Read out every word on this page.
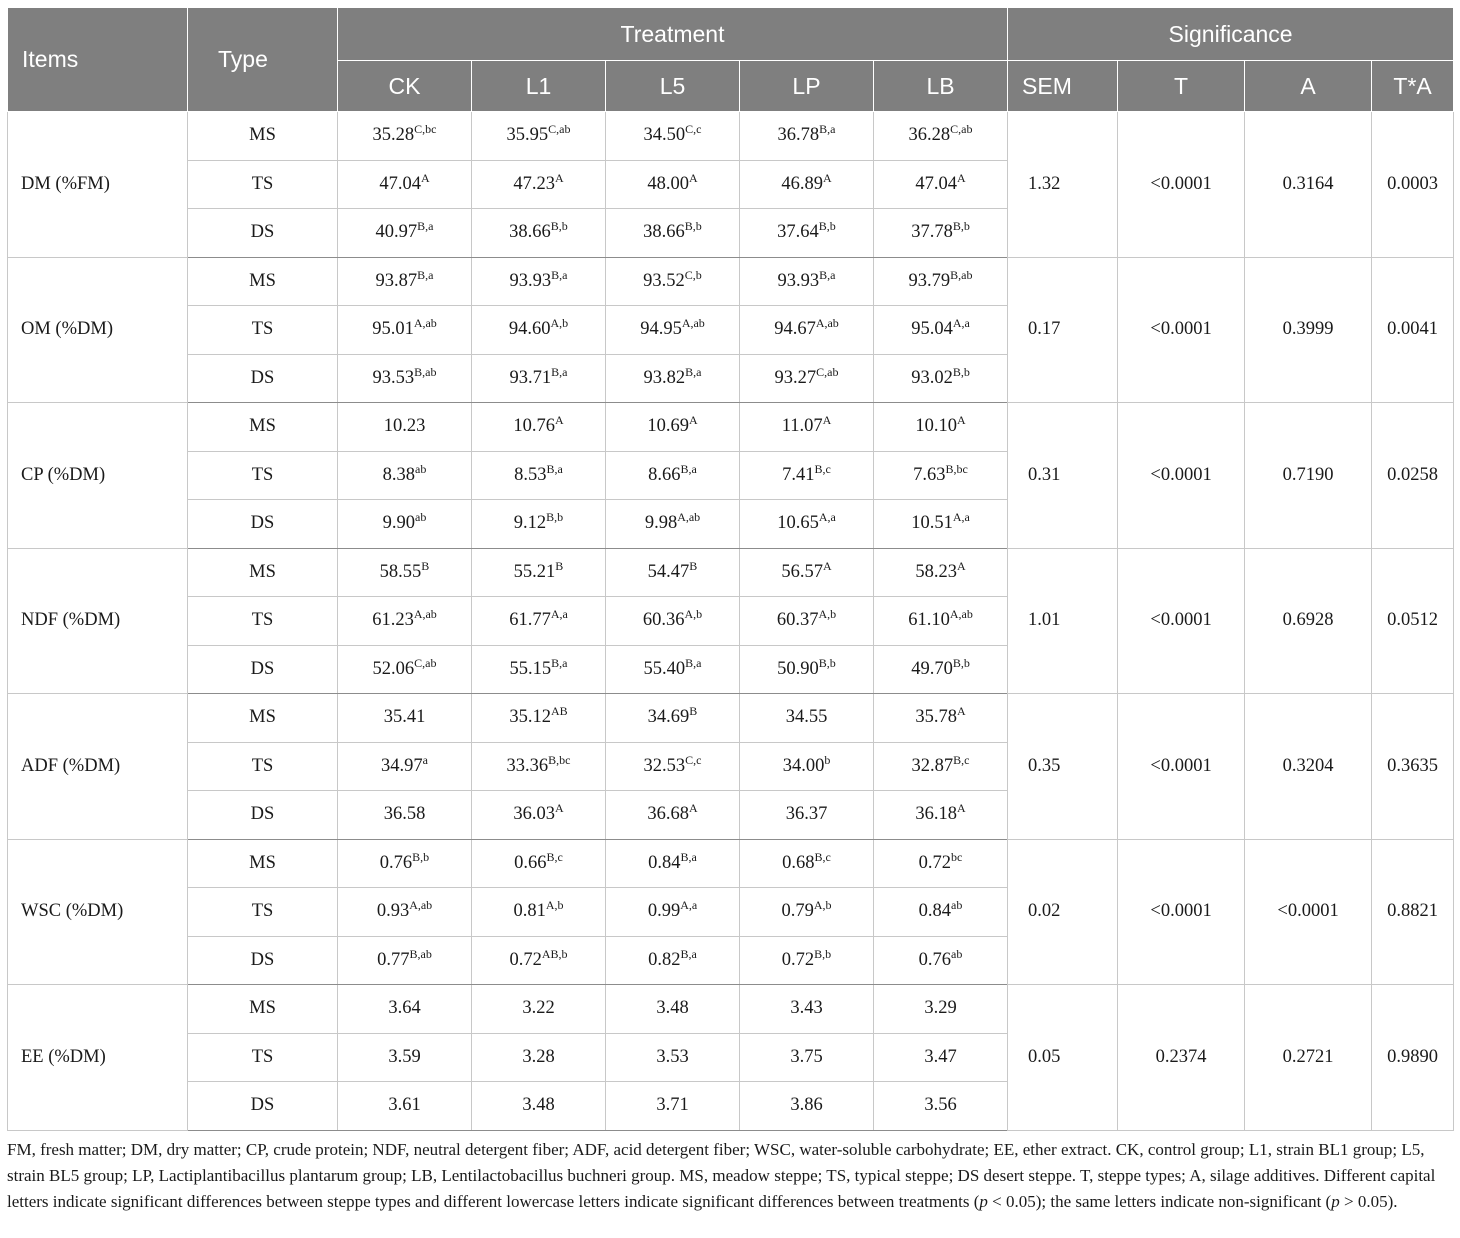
Items	Type	Treatment					Significance			
		CK	L1	L5	LP	LB	SEM	T	A	T*A
DM (%FM)	MS	$35.28^{C,bc}$	$35.95^{C,ab}$	$34.50^{C,c}$	$36.78^{B,a}$	$36.28^{C,ab}$	1.32	<0.0001	0.3164	0.0003
	TS	$47.04^A$	$47.23^A$	$48.00^A$	$46.89^A$	$47.04^A$
	DS	$40.97^{B,a}$	$38.66^{B,b}$	$38.66^{B,b}$	$37.64^{B,b}$	$37.78^{B,b}$
OM (%DM)	MS	$93.87^{B,a}$	$93.93^{B,a}$	$93.52^{C,b}$	$93.93^{B,a}$	$93.79^{B,ab}$	0.17	<0.0001	0.3999	0.0041
	TS	$95.01^{A,ab}$	$94.60^{A,b}$	$94.95^{A,ab}$	$94.67^{A,ab}$	$95.04^{A,a}$
	DS	$93.53^{B,ab}$	$93.71^{B,a}$	$93.82^{B,a}$	$93.27^{C,ab}$	$93.02^{B,b}$
CP (%DM)	MS	10.23	$10.76^A$	$10.69^A$	$11.07^A$	$10.10^A$	0.31	<0.0001	0.7190	0.0258
	TS	8.38$^{ab}$	$8.53^{B,a}$	$8.66^{B,a}$	$7.41^{B,c}$	$7.63^{B,bc}$
	DS	9.90$^{ab}$	$9.12^{B,b}$	$9.98^{A,ab}$	$10.65^{A,a}$	$10.51^{A,a}$
NDF (%DM)	MS	$58.55^B$	$55.21^B$	$54.47^B$	$56.57^A$	$58.23^A$	1.01	<0.0001	0.6928	0.0512
	TS	$61.23^{A,ab}$	$61.77^{A,a}$	$60.36^{A,b}$	$60.37^{A,b}$	$61.10^{A,ab}$
	DS	$52.06^{C,ab}$	$55.15^{B,a}$	$55.40^{B,a}$	$50.90^{B,b}$	$49.70^{B,b}$
ADF (%DM)	MS	35.41	$35.12^{AB}$	$34.69^B$	34.55	$35.78^A$	0.35	<0.0001	0.3204	0.3635
	TS	34.97$^a$	$33.36^{B,bc}$	$32.53^{C,c}$	34.00$^b$	$32.87^{B,c}$
	DS	36.58	$36.03^A$	$36.68^A$	36.37	$36.18^A$
WSC (%DM)	MS	$0.76^{B,b}$	$0.66^{B,c}$	$0.84^{B,a}$	$0.68^{B,c}$	0.72$^{bc}$	0.02	<0.0001	<0.0001	0.8821
	TS	$0.93^{A,ab}$	$0.81^{A,b}$	$0.99^{A,a}$	$0.79^{A,b}$	0.84$^{ab}$
	DS	$0.77^{B,ab}$	$0.72^{AB,b}$	$0.82^{B,a}$	$0.72^{B,b}$	0.76$^{ab}$
EE (%DM)	MS	3.64	3.22	3.48	3.43	3.29	0.05	0.2374	0.2721	0.9890
	TS	3.59	3.28	3.53	3.75	3.47				
	DS	3.61	3.48	3.71	3.86	3.56				
FM, fresh matter; DM, dry matter; CP, crude protein; NDF, neutral detergent fiber; ADF, acid detergent fiber; WSC, water-soluble carbohydrate; EE, ether extract. CK, control group; L1, strain BL1 group; L5, strain BL5 group; LP, Lactiplantibacillus plantarum group; LB, Lentilactobacillus buchneri group. MS, meadow steppe; TS, typical steppe; DS desert steppe. T, steppe types; A, silage additives. Different capital letters indicate significant differences between steppe types and different lowercase letters indicate significant differences between treatments (p < 0.05); the same letters indicate non-significant (p > 0.05).
